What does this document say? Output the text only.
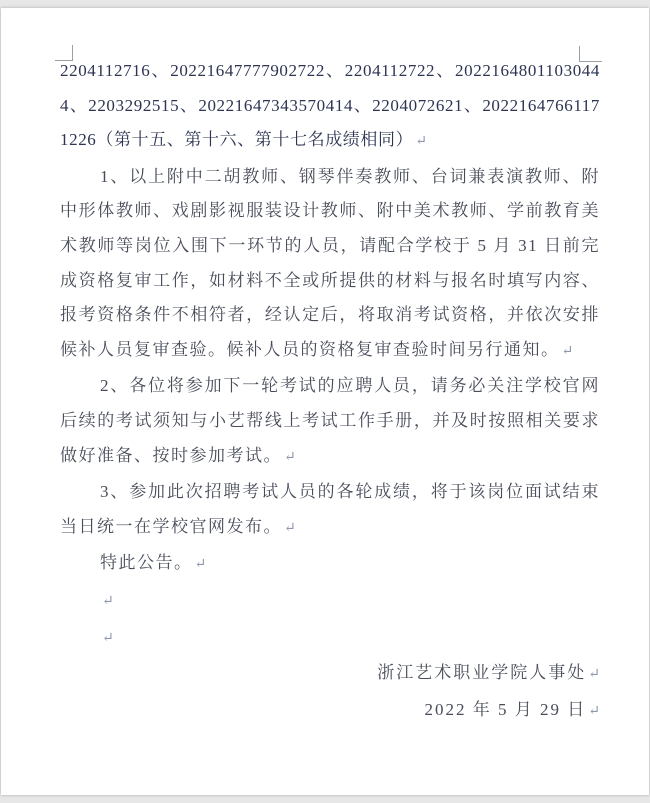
2204112716、20221647777902722、2204112722、20221648011030444、2203292515、20221647343570414、2204072621、20221647661171226（第十五、第十六、第十七名成绩相同） ↵
1、以上附中二胡教师、钢琴伴奏教师、台词兼表演教师、附中形体教师、戏剧影视服装设计教师、附中美术教师、学前教育美术教师等岗位入围下一环节的人员，请配合学校于 5 月 31 日前完成资格复审工作，如材料不全或所提供的材料与报名时填写内容、报考资格条件不相符者，经认定后，将取消考试资格，并依次安排候补人员复审查验。候补人员的资格复审查验时间另行通知。 ↵
2、各位将参加下一轮考试的应聘人员，请务必关注学校官网后续的考试须知与小艺帮线上考试工作手册，并及时按照相关要求做好准备、按时参加考试。 ↵
3、参加此次招聘考试人员的各轮成绩，将于该岗位面试结束当日统一在学校官网发布。 ↵
特此公告。 ↵
↵
↵
浙江艺术职业学院人事处 ↵
2022 年 5 月 29 日 ↵
